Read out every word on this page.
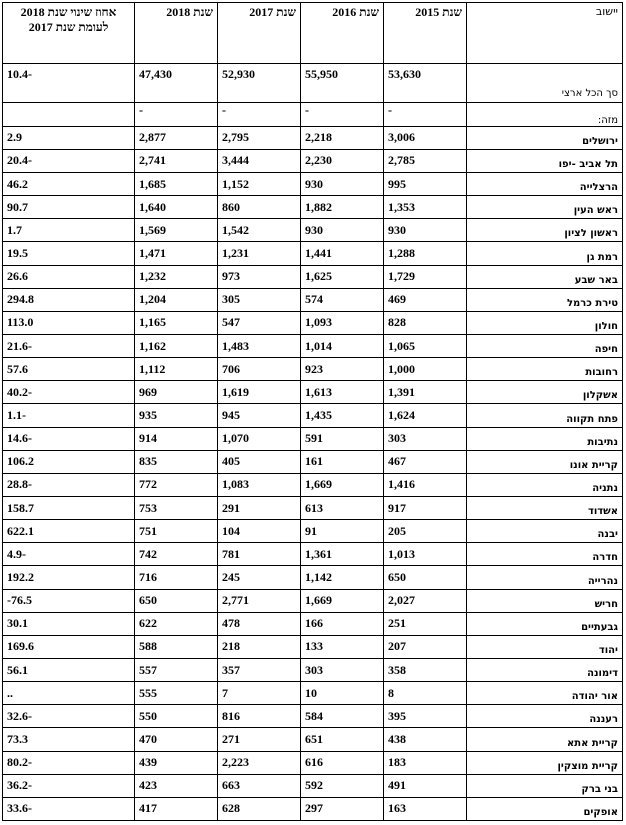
אחוז שינוי שנת 2018 לעומת שנת 2017	שנת 2018	שנת 2017	שנת 2016	שנת 2015	יישוב
10.4-	47,430	52,930	55,950	53,630	סך הכל ארצי
	-	-	-	-	מזה:
2.9	2,877	2,795	2,218	3,006	ירושלים
20.4-	2,741	3,444	2,230	2,785	תל אביב -יפו
46.2	1,685	1,152	930	995	הרצלייה
90.7	1,640	860	1,882	1,353	ראש העין
1.7	1,569	1,542	930	930	ראשון לציון
19.5	1,471	1,231	1,441	1,288	רמת גן
26.6	1,232	973	1,625	1,729	באר שבע
294.8	1,204	305	574	469	טירת כרמל
113.0	1,165	547	1,093	828	חולון
21.6-	1,162	1,483	1,014	1,065	חיפה
57.6	1,112	706	923	1,000	רחובות
40.2-	969	1,619	1,613	1,391	אשקלון
1.1-	935	945	1,435	1,624	פתח תקווה
14.6-	914	1,070	591	303	נתיבות
106.2	835	405	161	467	קריית אונו
28.8-	772	1,083	1,669	1,416	נתניה
158.7	753	291	613	917	אשדוד
622.1	751	104	91	205	יבנה
4.9-	742	781	1,361	1,013	חדרה
192.2	716	245	1,142	650	נהרייה
-76.5	650	2,771	1,669	2,027	חריש
30.1	622	478	166	251	גבעתיים
169.6	588	218	133	207	יהוד
56.1	557	357	303	358	דימונה
..	555	7	10	8	אור יהודה
32.6-	550	816	584	395	רעננה
73.3	470	271	651	438	קריית אתא
80.2-	439	2,223	616	183	קריית מוצקין
36.2-	423	663	592	491	בני ברק
33.6-	417	628	297	163	אופקים
